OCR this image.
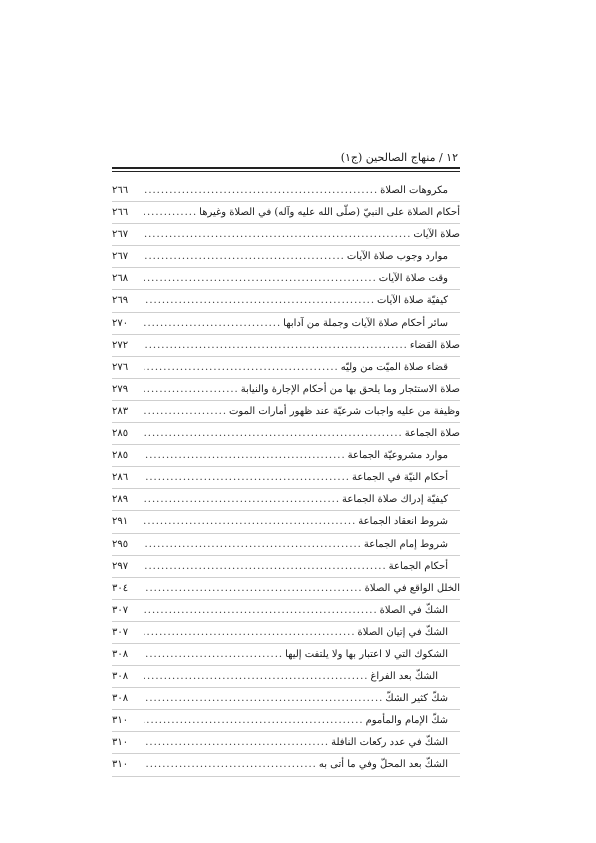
١٢ / منهاج الصالحين (ج١)
مكروهات الصلاة
.....
٢٦٦
أحكام الصلاة على النبيّ (صلّى الله عليه وآله) في الصلاة وغيرها
.....
٢٦٦
صلاة الآيات
.....
٢٦٧
موارد وجوب صلاة الآيات
.....
٢٦٧
وقت صلاة الآيات
.....
٢٦٨
كيفيّة صلاة الآيات
.....
٢٦٩
سائر أحكام صلاة الآيات وجملة من آدابها
.....
٢٧٠
صلاة القضاء
.....
٢٧٢
قضاء صلاة الميّت من وليّه
.....
٢٧٦
صلاة الاستئجار وما يلحق بها من أحكام الإجارة والنيابة
.....
٢٧٩
وظيفة من عليه واجبات شرعيّة عند ظهور أمارات الموت
.....
٢٨٣
صلاة الجماعة
.....
٢٨٥
موارد مشروعيّة الجماعة
.....
٢٨٥
أحكام النيّة في الجماعة
.....
٢٨٦
كيفيّة إدراك صلاة الجماعة
.....
٢٨٩
شروط انعقاد الجماعة
.....
٢٩١
شروط إمام الجماعة
.....
٢٩٥
أحكام الجماعة
.....
٢٩٧
الخلل الواقع في الصلاة
.....
٣٠٤
الشكّ في الصلاة
.....
٣٠٧
الشكّ في إتيان الصلاة
.....
٣٠٧
الشكوك التي لا اعتبار بها ولا يلتفت إليها
.....
٣٠٨
الشكّ بعد الفراغ
.....
٣٠٨
شكّ كثير الشكّ
.....
٣٠٨
شكّ الإمام والمأموم
.....
٣١٠
الشكّ في عدد ركعات النافلة
.....
٣١٠
الشكّ بعد المحلّ وفي ما أتى به
.....
٣١٠
